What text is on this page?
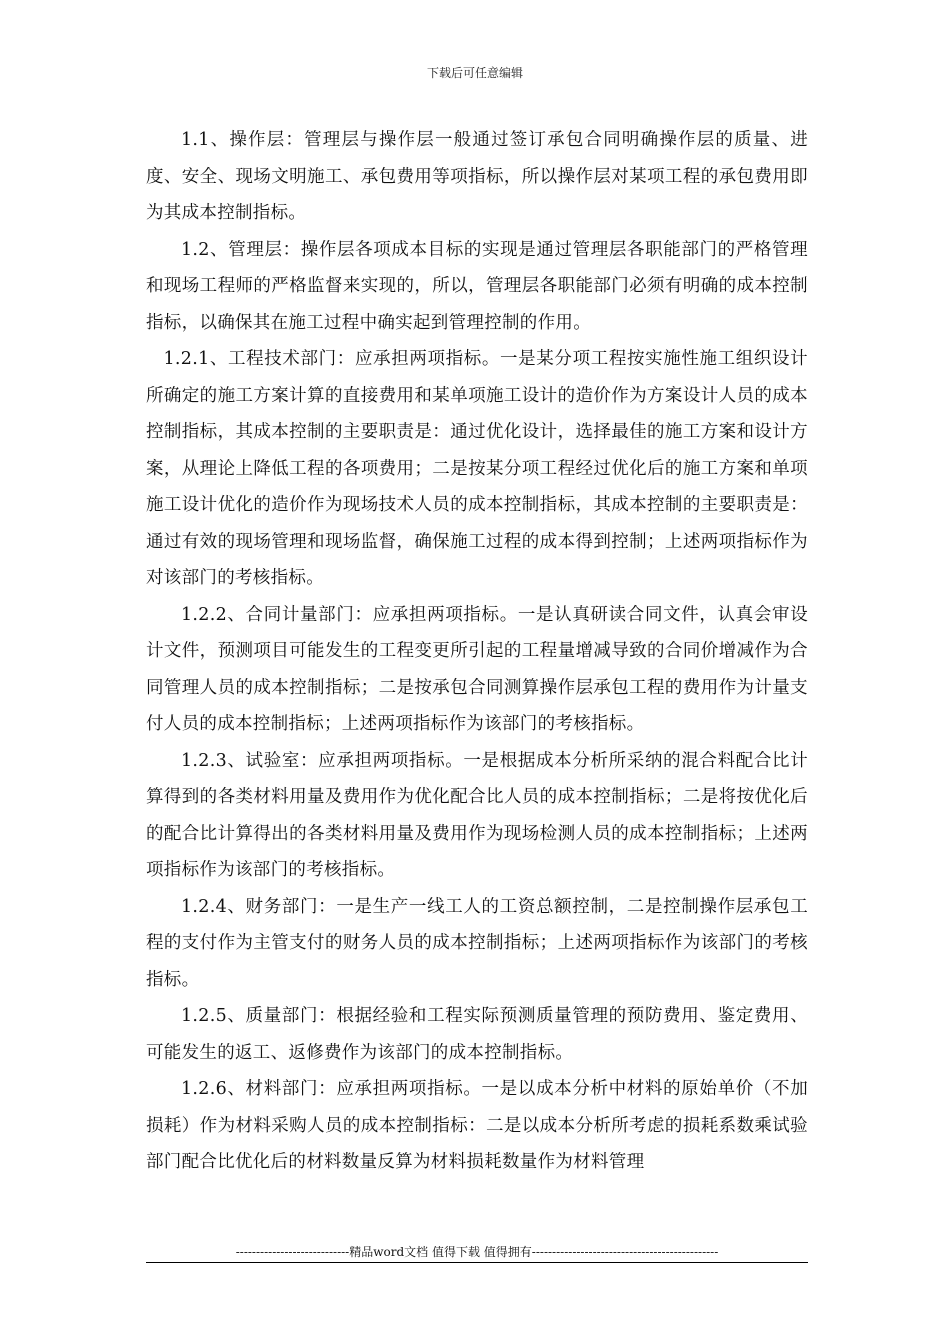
下载后可任意编辑

1.1、操作层：管理层与操作层一般通过签订承包合同明确操作层的质量、进度、安全、现场文明施工、承包费用等项指标，所以操作层对某项工程的承包费用即为其成本控制指标。

1.2、管理层：操作层各项成本目标的实现是通过管理层各职能部门的严格管理和现场工程师的严格监督来实现的，所以，管理层各职能部门必须有明确的成本控制指标，以确保其在施工过程中确实起到管理控制的作用。

1.2.1、工程技术部门：应承担两项指标。一是某分项工程按实施性施工组织设计所确定的施工方案计算的直接费用和某单项施工设计的造价作为方案设计人员的成本控制指标，其成本控制的主要职责是：通过优化设计，选择最佳的施工方案和设计方案，从理论上降低工程的各项费用；二是按某分项工程经过优化后的施工方案和单项施工设计优化的造价作为现场技术人员的成本控制指标，其成本控制的主要职责是：通过有效的现场管理和现场监督，确保施工过程的成本得到控制；上述两项指标作为对该部门的考核指标。

1.2.2、合同计量部门：应承担两项指标。一是认真研读合同文件，认真会审设计文件，预测项目可能发生的工程变更所引起的工程量增减导致的合同价增减作为合同管理人员的成本控制指标；二是按承包合同测算操作层承包工程的费用作为计量支付人员的成本控制指标；上述两项指标作为该部门的考核指标。

1.2.3、试验室：应承担两项指标。一是根据成本分析所采纳的混合料配合比计算得到的各类材料用量及费用作为优化配合比人员的成本控制指标；二是将按优化后的配合比计算得出的各类材料用量及费用作为现场检测人员的成本控制指标；上述两项指标作为该部门的考核指标。

1.2.4、财务部门：一是生产一线工人的工资总额控制，二是控制操作层承包工程的支付作为主管支付的财务人员的成本控制指标；上述两项指标作为该部门的考核指标。

1.2.5、质量部门：根据经验和工程实际预测质量管理的预防费用、鉴定费用、可能发生的返工、返修费作为该部门的成本控制指标。

1.2.6、材料部门：应承担两项指标。一是以成本分析中材料的原始单价（不加损耗）作为材料采购人员的成本控制指标：二是以成本分析所考虑的损耗系数乘试验部门配合比优化后的材料数量反算为材料损耗数量作为材料管理

----------------------------精品word文档 值得下载 值得拥有----------------------------------------------
